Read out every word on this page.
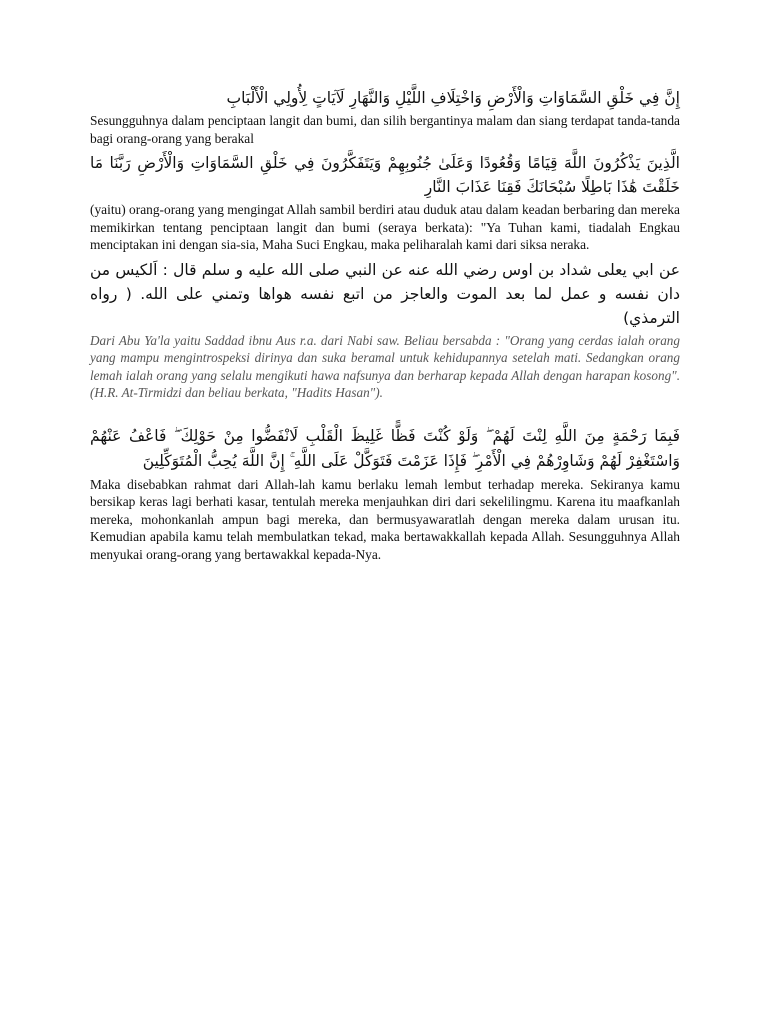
إِنَّ فِي خَلْقِ السَّمَاوَاتِ وَالْأَرْضِ وَاخْتِلَافِ اللَّيْلِ وَالنَّهَارِ لَآيَاتٍ لِأُولِي الْأَلْبَابِ

Sesungguhnya dalam penciptaan langit dan bumi, dan silih bergantinya malam dan siang terdapat tanda-tanda bagi orang-orang yang berakal

الَّذِينَ يَذْكُرُونَ اللَّهَ قِيَامًا وَقُعُودًا وَعَلَىٰ جُنُوبِهِمْ وَيَتَفَكَّرُونَ فِي خَلْقِ السَّمَاوَاتِ وَالْأَرْضِ رَبَّنَا مَا خَلَقْتَ هَٰذَا بَاطِلًا سُبْحَانَكَ فَقِنَا عَذَابَ النَّارِ

(yaitu) orang-orang yang mengingat Allah sambil berdiri atau duduk atau dalam keadan berbaring dan mereka memikirkan tentang penciptaan langit dan bumi (seraya berkata): "Ya Tuhan kami, tiadalah Engkau menciptakan ini dengan sia-sia, Maha Suci Engkau, maka peliharalah kami dari siksa neraka.

عن ابي يعلى شداد بن اوس رضي الله عنه عن النبي صلى الله عليه و سلم قال : اَلكيس من دان نفسه و عمل لما بعد الموت والعاجز من اتبع نفسه هواها وتمني على الله. ( رواه الترمذي)

Dari Abu Ya'la yaitu Saddad ibnu Aus r.a. dari Nabi saw. Beliau bersabda : "Orang yang cerdas ialah orang yang mampu mengintrospeksi dirinya dan suka beramal untuk kehidupannya setelah mati. Sedangkan orang lemah ialah orang yang selalu mengikuti hawa nafsunya dan berharap kepada Allah dengan harapan kosong". (H.R. At-Tirmidzi dan beliau berkata, "Hadits Hasan").

فَبِمَا رَحْمَةٍ مِنَ اللَّهِ لِنْتَ لَهُمْ ۖ وَلَوْ كُنْتَ فَظًّا غَلِيظَ الْقَلْبِ لَانْفَضُّوا مِنْ حَوْلِكَ ۖ فَاعْفُ عَنْهُمْ وَاسْتَغْفِرْ لَهُمْ وَشَاوِرْهُمْ فِي الْأَمْرِ ۖ فَإِذَا عَزَمْتَ فَتَوَكَّلْ عَلَى اللَّهِ ۚ إِنَّ اللَّهَ يُحِبُّ الْمُتَوَكِّلِينَ

Maka disebabkan rahmat dari Allah-lah kamu berlaku lemah lembut terhadap mereka. Sekiranya kamu bersikap keras lagi berhati kasar, tentulah mereka menjauhkan diri dari sekelilingmu. Karena itu maafkanlah mereka, mohonkanlah ampun bagi mereka, dan bermusyawaratlah dengan mereka dalam urusan itu. Kemudian apabila kamu telah membulatkan tekad, maka bertawakkallah kepada Allah. Sesungguhnya Allah menyukai orang-orang yang bertawakkal kepada-Nya.
